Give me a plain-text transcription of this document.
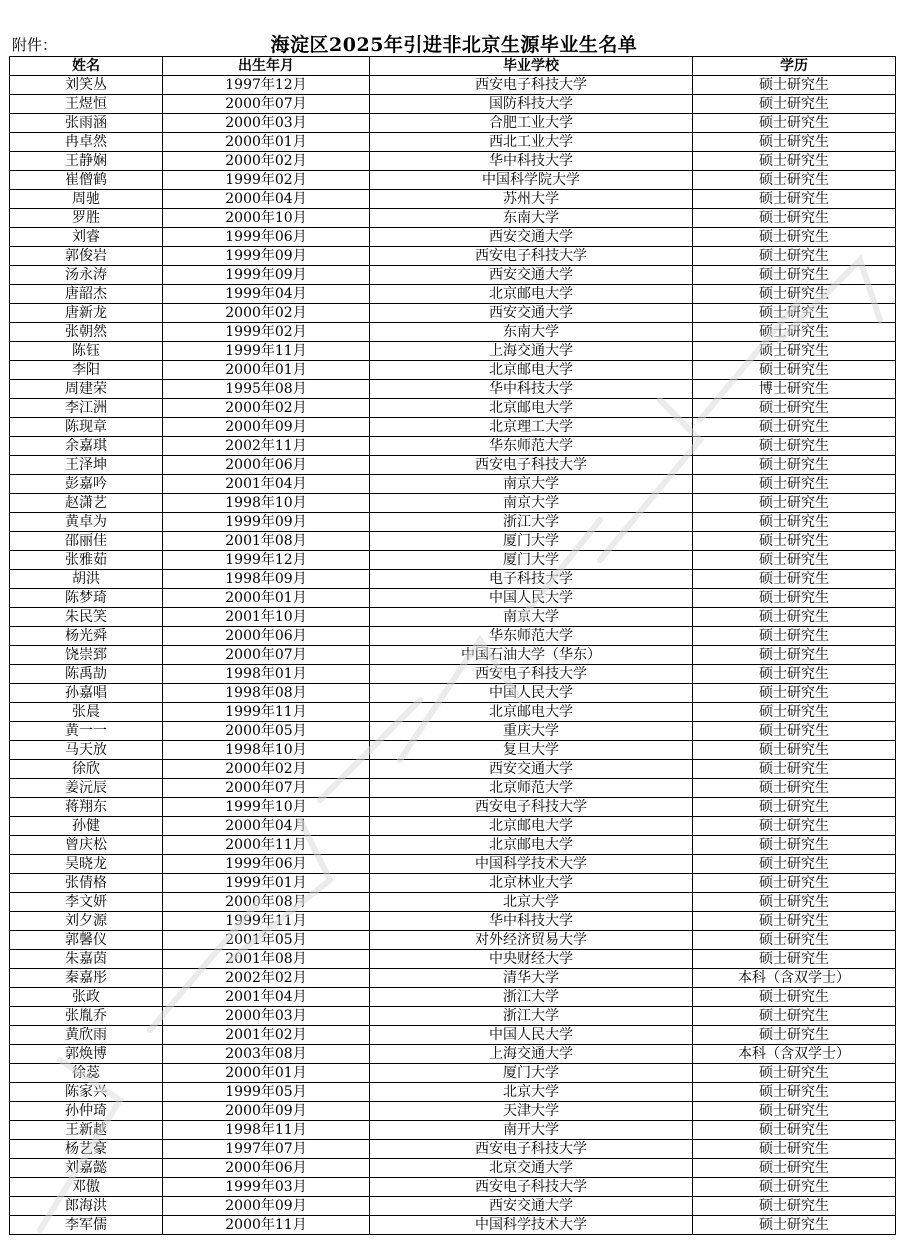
附件：	海淀区2025年引进非北京生源毕业生名单
姓名	出生年月	毕业学校	学历
刘笑丛	1997年12月	西安电子科技大学	硕士研究生
王煜恒	2000年07月	国防科技大学	硕士研究生
张雨涵	2000年03月	合肥工业大学	硕士研究生
冉卓然	2000年01月	西北工业大学	硕士研究生
王静娴	2000年02月	华中科技大学	硕士研究生
崔僧鹤	1999年02月	中国科学院大学	硕士研究生
周驰	2000年04月	苏州大学	硕士研究生
罗胜	2000年10月	东南大学	硕士研究生
刘睿	1999年06月	西安交通大学	硕士研究生
郭俊岩	1999年09月	西安电子科技大学	硕士研究生
汤永涛	1999年09月	西安交通大学	硕士研究生
唐韶杰	1999年04月	北京邮电大学	硕士研究生
唐新龙	2000年02月	西安交通大学	硕士研究生
张朝然	1999年02月	东南大学	硕士研究生
陈钰	1999年11月	上海交通大学	硕士研究生
李阳	2000年01月	北京邮电大学	硕士研究生
周建荣	1995年08月	华中科技大学	博士研究生
李江洲	2000年02月	北京邮电大学	硕士研究生
陈现章	2000年09月	北京理工大学	硕士研究生
余嘉琪	2002年11月	华东师范大学	硕士研究生
王泽坤	2000年06月	西安电子科技大学	硕士研究生
彭嘉吟	2001年04月	南京大学	硕士研究生
赵潇艺	1998年10月	南京大学	硕士研究生
黄卓为	1999年09月	浙江大学	硕士研究生
邵丽佳	2001年08月	厦门大学	硕士研究生
张雅茹	1999年12月	厦门大学	硕士研究生
胡洪	1998年09月	电子科技大学	硕士研究生
陈梦琦	2000年01月	中国人民大学	硕士研究生
朱民笑	2001年10月	南京大学	硕士研究生
杨光舜	2000年06月	华东师范大学	硕士研究生
饶崇郅	2000年07月	中国石油大学（华东）	硕士研究生
陈禹劼	1998年01月	西安电子科技大学	硕士研究生
孙嘉唱	1998年08月	中国人民大学	硕士研究生
张晨	1999年11月	北京邮电大学	硕士研究生
黄一一	2000年05月	重庆大学	硕士研究生
马天放	1998年10月	复旦大学	硕士研究生
徐欣	2000年02月	西安交通大学	硕士研究生
姜沅辰	2000年07月	北京师范大学	硕士研究生
蒋翔东	1999年10月	西安电子科技大学	硕士研究生
孙健	2000年04月	北京邮电大学	硕士研究生
曾庆松	2000年11月	北京邮电大学	硕士研究生
吴晓龙	1999年06月	中国科学技术大学	硕士研究生
张倩格	1999年01月	北京林业大学	硕士研究生
李文妍	2000年08月	北京大学	硕士研究生
刘夕源	1999年11月	华中科技大学	硕士研究生
郭馨仪	2001年05月	对外经济贸易大学	硕士研究生
朱嘉茵	2001年08月	中央财经大学	硕士研究生
秦嘉彤	2002年02月	清华大学	本科（含双学士）
张政	2001年04月	浙江大学	硕士研究生
张胤乔	2000年03月	浙江大学	硕士研究生
黄欣雨	2001年02月	中国人民大学	硕士研究生
郭焕博	2003年08月	上海交通大学	本科（含双学士）
徐蕊	2000年01月	厦门大学	硕士研究生
陈家兴	1999年05月	北京大学	硕士研究生
孙仲琦	2000年09月	天津大学	硕士研究生
王新越	1998年11月	南开大学	硕士研究生
杨艺豪	1997年07月	西安电子科技大学	硕士研究生
刘嘉懿	2000年06月	北京交通大学	硕士研究生
邓傲	1999年03月	西安电子科技大学	硕士研究生
郎海洪	2000年09月	西安交通大学	硕士研究生
李军儒	2000年11月	中国科学技术大学	硕士研究生
